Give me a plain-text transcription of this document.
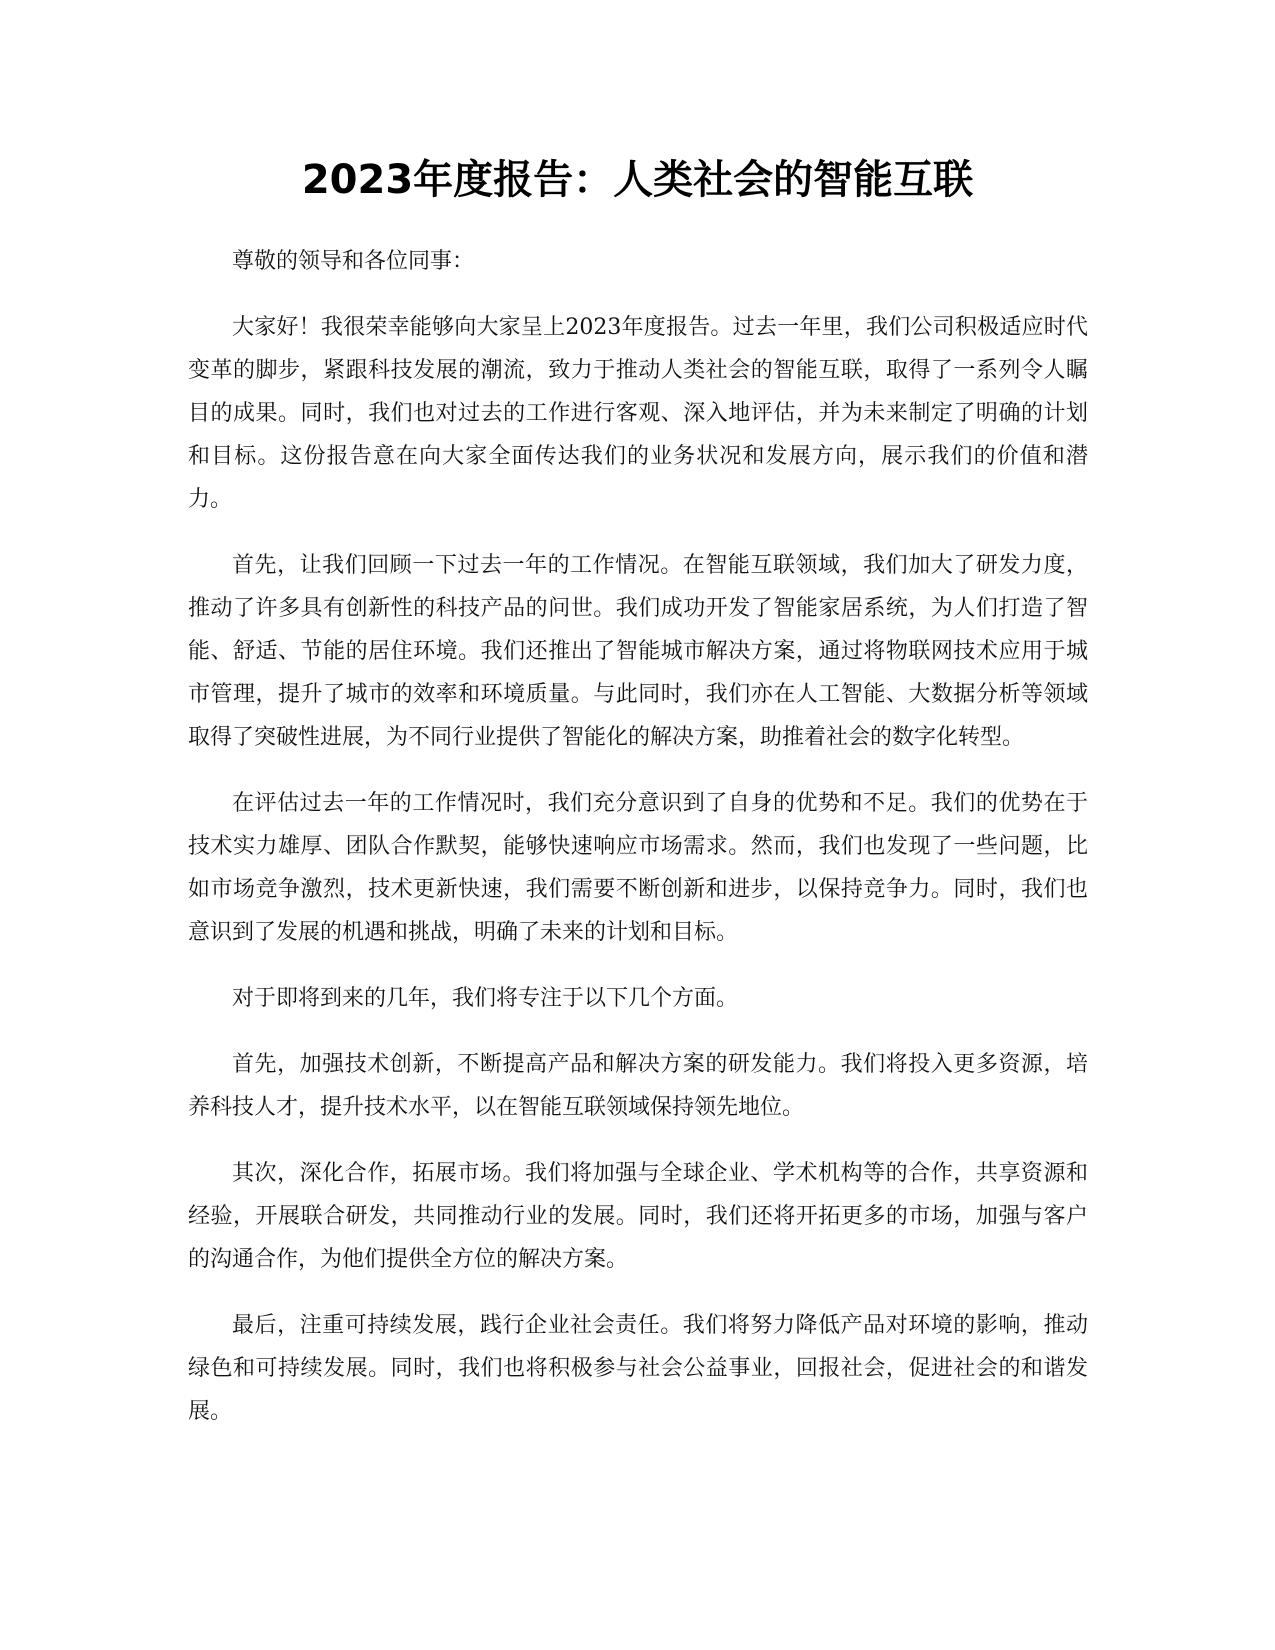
2023年度报告：人类社会的智能互联

尊敬的领导和各位同事：

大家好！我很荣幸能够向大家呈上2023年度报告。过去一年里，我们公司积极适应时代变革的脚步，紧跟科技发展的潮流，致力于推动人类社会的智能互联，取得了一系列令人瞩目的成果。同时，我们也对过去的工作进行客观、深入地评估，并为未来制定了明确的计划和目标。这份报告意在向大家全面传达我们的业务状况和发展方向，展示我们的价值和潜力。

首先，让我们回顾一下过去一年的工作情况。在智能互联领域，我们加大了研发力度，推动了许多具有创新性的科技产品的问世。我们成功开发了智能家居系统，为人们打造了智能、舒适、节能的居住环境。我们还推出了智能城市解决方案，通过将物联网技术应用于城市管理，提升了城市的效率和环境质量。与此同时，我们亦在人工智能、大数据分析等领域取得了突破性进展，为不同行业提供了智能化的解决方案，助推着社会的数字化转型。

在评估过去一年的工作情况时，我们充分意识到了自身的优势和不足。我们的优势在于技术实力雄厚、团队合作默契，能够快速响应市场需求。然而，我们也发现了一些问题，比如市场竞争激烈，技术更新快速，我们需要不断创新和进步，以保持竞争力。同时，我们也意识到了发展的机遇和挑战，明确了未来的计划和目标。

对于即将到来的几年，我们将专注于以下几个方面。

首先，加强技术创新，不断提高产品和解决方案的研发能力。我们将投入更多资源，培养科技人才，提升技术水平，以在智能互联领域保持领先地位。

其次，深化合作，拓展市场。我们将加强与全球企业、学术机构等的合作，共享资源和经验，开展联合研发，共同推动行业的发展。同时，我们还将开拓更多的市场，加强与客户的沟通合作，为他们提供全方位的解决方案。

最后，注重可持续发展，践行企业社会责任。我们将努力降低产品对环境的影响，推动绿色和可持续发展。同时，我们也将积极参与社会公益事业，回报社会，促进社会的和谐发展。
